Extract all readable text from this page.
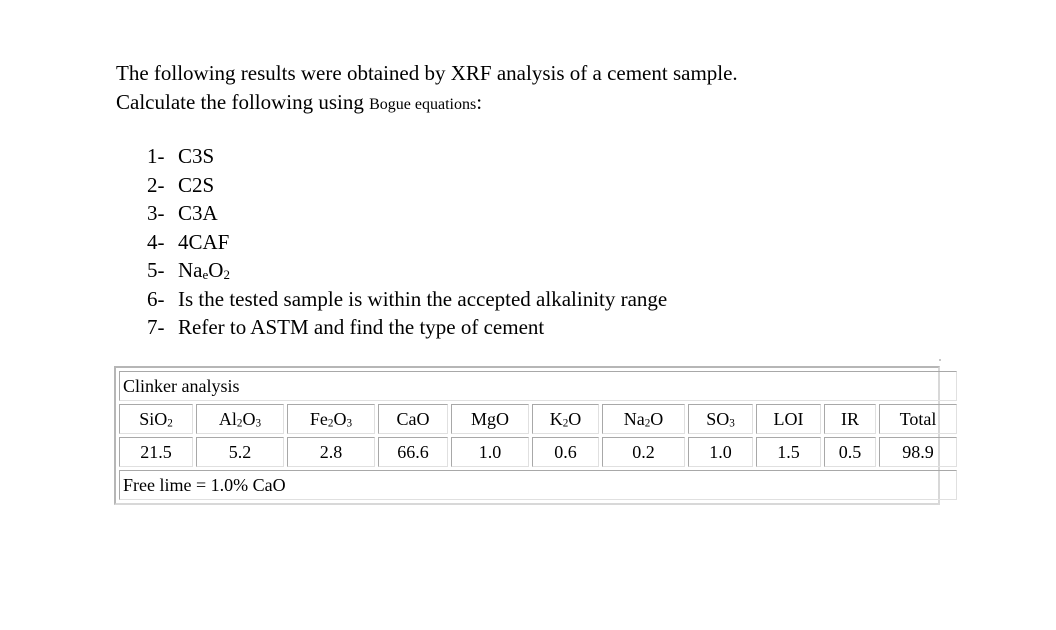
The following results were obtained by XRF analysis of a cement sample.
Calculate the following using Bogue equations:

1- C3S
2- C2S
3- C3A
4- 4CAF
5- $Na_eO_2$
6- Is the tested sample is within the accepted alkalinity range
7- Refer to ASTM and find the type of cement
Clinker analysis										
SiO$_2$	$Al_2O_3$	$Fe_2O_3$	CaO	MgO	$K_2O$	$Na_2O$	$SO_3$	LOI	IR	Total
21.5	5.2	2.8	66.6	1.0	0.6	0.2	1.0	1.5	0.5	98.9
Free lime = 1.0% CaO										
